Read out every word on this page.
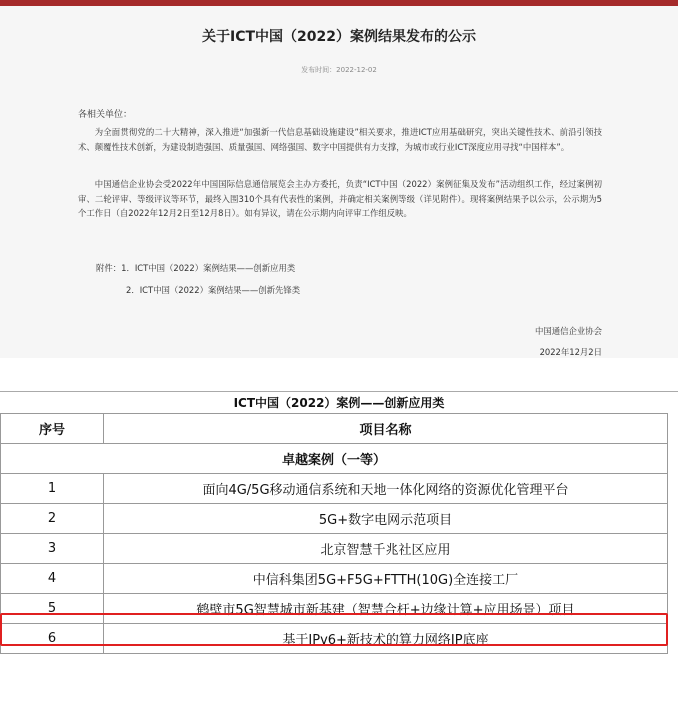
关于ICT中国（2022）案例结果发布的公示
发布时间：2022-12-02
各相关单位：

为全面贯彻党的二十大精神，深入推进“加强新一代信息基础设施建设”相关要求，推进ICT应用基础研究，突出关键性技术、前沿引领技术、颠覆性技术创新，为建设制造强国、质量强国、网络强国、数字中国提供有力支撑，为城市或行业ICT深度应用寻找“中国样本”。

中国通信企业协会受2022年中国国际信息通信展览会主办方委托，负责“ICT中国（2022）案例征集及发布”活动组织工作，经过案例初审、二轮评审、等级评议等环节，最终入围310个具有代表性的案例，并确定相关案例等级（详见附件）。现将案例结果予以公示，公示期为5个工作日（自2022年12月2日至12月8日）。如有异议，请在公示期内向评审工作组反映。

附件：1．ICT中国（2022）案例结果——创新应用类
2．ICT中国（2022）案例结果——创新先锋类
中国通信企业协会
2022年12月2日
ICT中国（2022）案例——创新应用类
序号	项目名称
卓越案例（一等）	
1	面向4G/5G移动通信系统和天地一体化网络的资源优化管理平台
2	5G+数字电网示范项目
3	北京智慧千兆社区应用
4	中信科集团5G+F5G+FTTH(10G)全连接工厂
5	鹤壁市5G智慧城市新基建（智慧合杆+边缘计算+应用场景）项目
6	基于IPv6+新技术的算力网络IP底座
